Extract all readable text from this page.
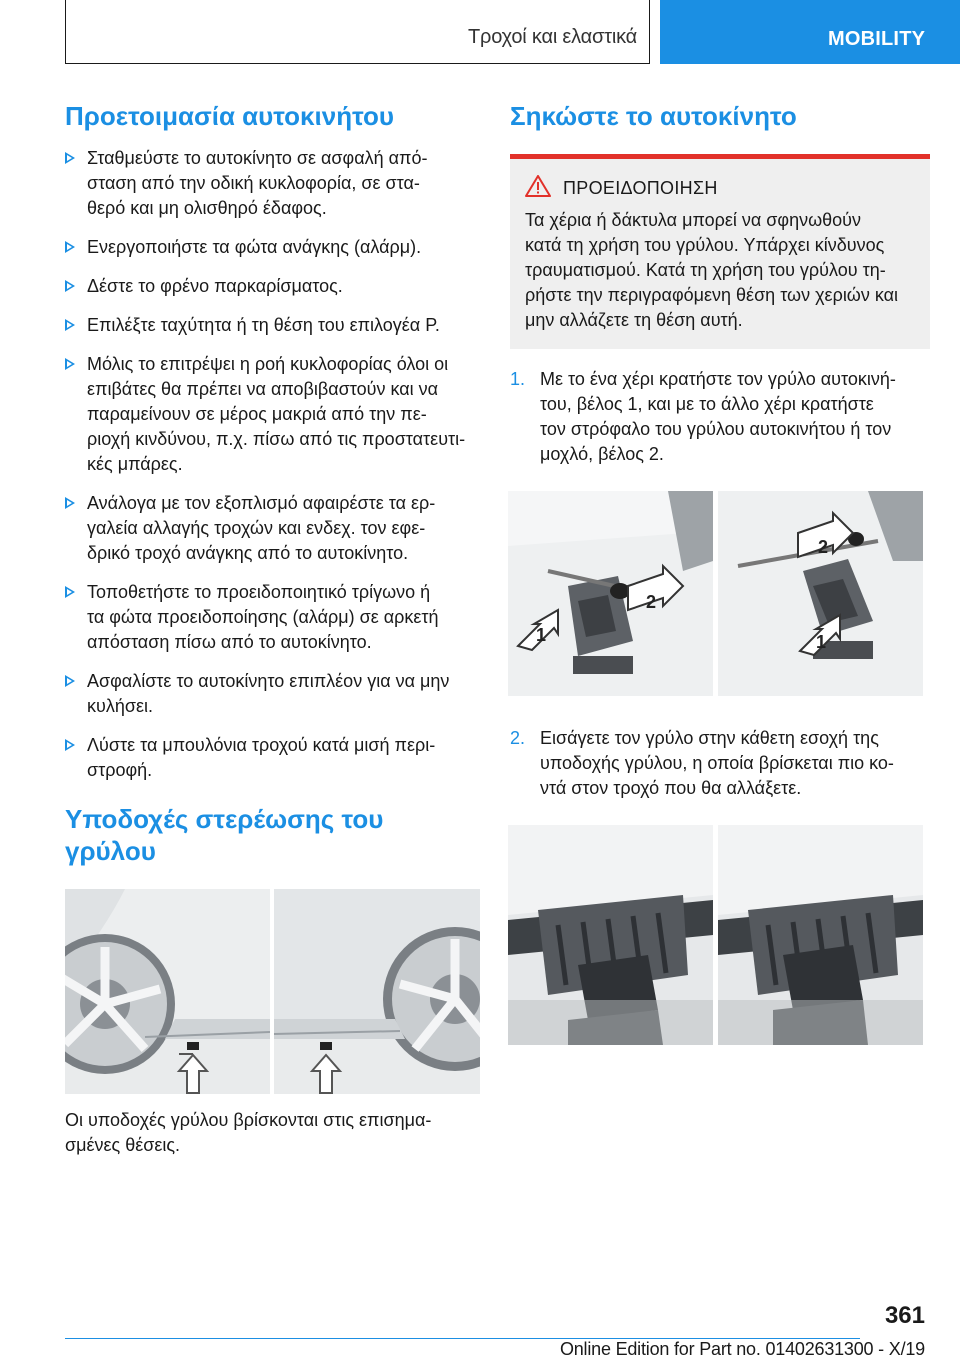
Τροχοί και ελαστικά	MOBILITY
Προετοιμασία αυτοκινήτου
Σταθμεύστε το αυτοκίνητο σε ασφαλή από-
σταση από την οδική κυκλοφορία, σε στα-
θερό και μη ολισθηρό έδαφος.
Ενεργοποιήστε τα φώτα ανάγκης (αλάρμ).
Δέστε το φρένο παρκαρίσματος.
Επιλέξτε ταχύτητα ή τη θέση του επιλογέα P.
Μόλις το επιτρέψει η ροή κυκλοφορίας όλοι οι
επιβάτες θα πρέπει να αποβιβαστούν και να
παραμείνουν σε μέρος μακριά από την πε-
ριοχή κινδύνου, π.χ. πίσω από τις προστατευτι-
κές μπάρες.
Ανάλογα με τον εξοπλισμό αφαιρέστε τα ερ-
γαλεία αλλαγής τροχών και ενδεχ. τον εφε-
δρικό τροχό ανάγκης από το αυτοκίνητο.
Τοποθετήστε το προειδοποιητικό τρίγωνο ή
τα φώτα προειδοποίησης (αλάρμ) σε αρκετή
απόσταση πίσω από το αυτοκίνητο.
Ασφαλίστε το αυτοκίνητο επιπλέον για να μην
κυλήσει.
Λύστε τα μπουλόνια τροχού κατά μισή περι-
στροφή.
Υποδοχές στερέωσης του
γρύλου
Οι υποδοχές γρύλου βρίσκονται στις επισημα-
σμένες θέσεις.
Σηκώστε το αυτοκίνητο
ΠΡΟΕΙΔΟΠΟΙΗΣΗ
Τα χέρια ή δάκτυλα μπορεί να σφηνωθούν
κατά τη χρήση του γρύλου. Υπάρχει κίνδυνος
τραυματισμού. Κατά τη χρήση του γρύλου τη-
ρήστε την περιγραφόμενη θέση των χεριών και
μην αλλάζετε τη θέση αυτή.
1. Με το ένα χέρι κρατήστε τον γρύλο αυτοκινή-
του, βέλος 1, και με το άλλο χέρι κρατήστε
τον στρόφαλο του γρύλου αυτοκινήτου ή τον
μοχλό, βέλος 2.
2
1
2
1
2. Εισάγετε τον γρύλο στην κάθετη εσοχή της
υποδοχής γρύλου, η οποία βρίσκεται πιο κο-
ντά στον τροχό που θα αλλάξετε.
361
Online Edition for Part no. 01402631300 - X/19
